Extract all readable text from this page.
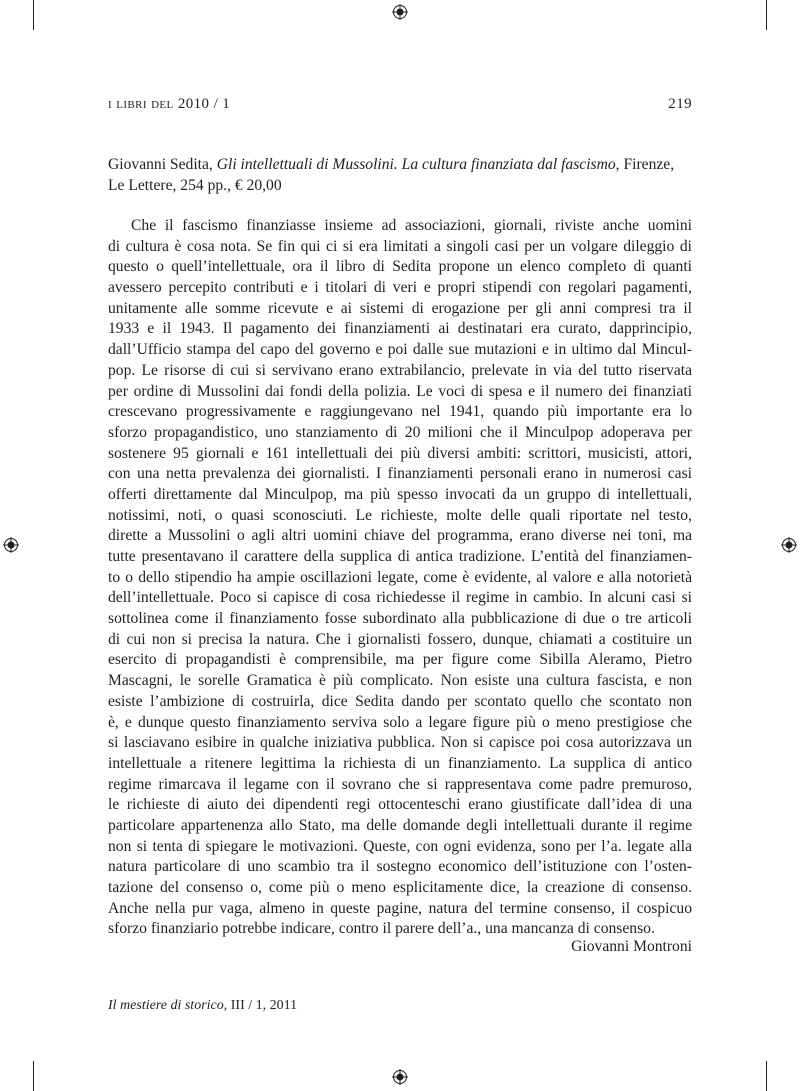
i libri del 2010 / 1	219
Giovanni Sedita, Gli intellettuali di Mussolini. La cultura finanziata dal fascismo, Firenze,
Le Lettere, 254 pp., € 20,00
Che il fascismo finanziasse insieme ad associazioni, giornali, riviste anche uomini
di cultura è cosa nota. Se fin qui ci si era limitati a singoli casi per un volgare dileggio di
questo o quell’intellettuale, ora il libro di Sedita propone un elenco completo di quanti
avessero percepito contributi e i titolari di veri e propri stipendi con regolari pagamenti,
unitamente alle somme ricevute e ai sistemi di erogazione per gli anni compresi tra il
1933 e il 1943. Il pagamento dei finanziamenti ai destinatari era curato, dapprincipio,
dall’Ufficio stampa del capo del governo e poi dalle sue mutazioni e in ultimo dal Mincul-
pop. Le risorse di cui si servivano erano extrabilancio, prelevate in via del tutto riservata
per ordine di Mussolini dai fondi della polizia. Le voci di spesa e il numero dei finanziati
crescevano progressivamente e raggiungevano nel 1941, quando più importante era lo
sforzo propagandistico, uno stanziamento di 20 milioni che il Minculpop adoperava per
sostenere 95 giornali e 161 intellettuali dei più diversi ambiti: scrittori, musicisti, attori,
con una netta prevalenza dei giornalisti. I finanziamenti personali erano in numerosi casi
offerti direttamente dal Minculpop, ma più spesso invocati da un gruppo di intellettuali,
notissimi, noti, o quasi sconosciuti. Le richieste, molte delle quali riportate nel testo,
dirette a Mussolini o agli altri uomini chiave del programma, erano diverse nei toni, ma
tutte presentavano il carattere della supplica di antica tradizione. L’entità del finanziamen-
to o dello stipendio ha ampie oscillazioni legate, come è evidente, al valore e alla notorietà
dell’intellettuale. Poco si capisce di cosa richiedesse il regime in cambio. In alcuni casi si
sottolinea come il finanziamento fosse subordinato alla pubblicazione di due o tre articoli
di cui non si precisa la natura. Che i giornalisti fossero, dunque, chiamati a costituire un
esercito di propagandisti è comprensibile, ma per figure come Sibilla Aleramo, Pietro
Mascagni, le sorelle Gramatica è più complicato. Non esiste una cultura fascista, e non
esiste l’ambizione di costruirla, dice Sedita dando per scontato quello che scontato non
è, e dunque questo finanziamento serviva solo a legare figure più o meno prestigiose che
si lasciavano esibire in qualche iniziativa pubblica. Non si capisce poi cosa autorizzava un
intellettuale a ritenere legittima la richiesta di un finanziamento. La supplica di antico
regime rimarcava il legame con il sovrano che si rappresentava come padre premuroso,
le richieste di aiuto dei dipendenti regi ottocenteschi erano giustificate dall’idea di una
particolare appartenenza allo Stato, ma delle domande degli intellettuali durante il regime
non si tenta di spiegare le motivazioni. Queste, con ogni evidenza, sono per l’a. legate alla
natura particolare di uno scambio tra il sostegno economico dell’istituzione con l’osten-
tazione del consenso o, come più o meno esplicitamente dice, la creazione di consenso.
Anche nella pur vaga, almeno in queste pagine, natura del termine consenso, il cospicuo
sforzo finanziario potrebbe indicare, contro il parere dell’a., una mancanza di consenso.
Giovanni Montroni
Il mestiere di storico, III / 1, 2011
